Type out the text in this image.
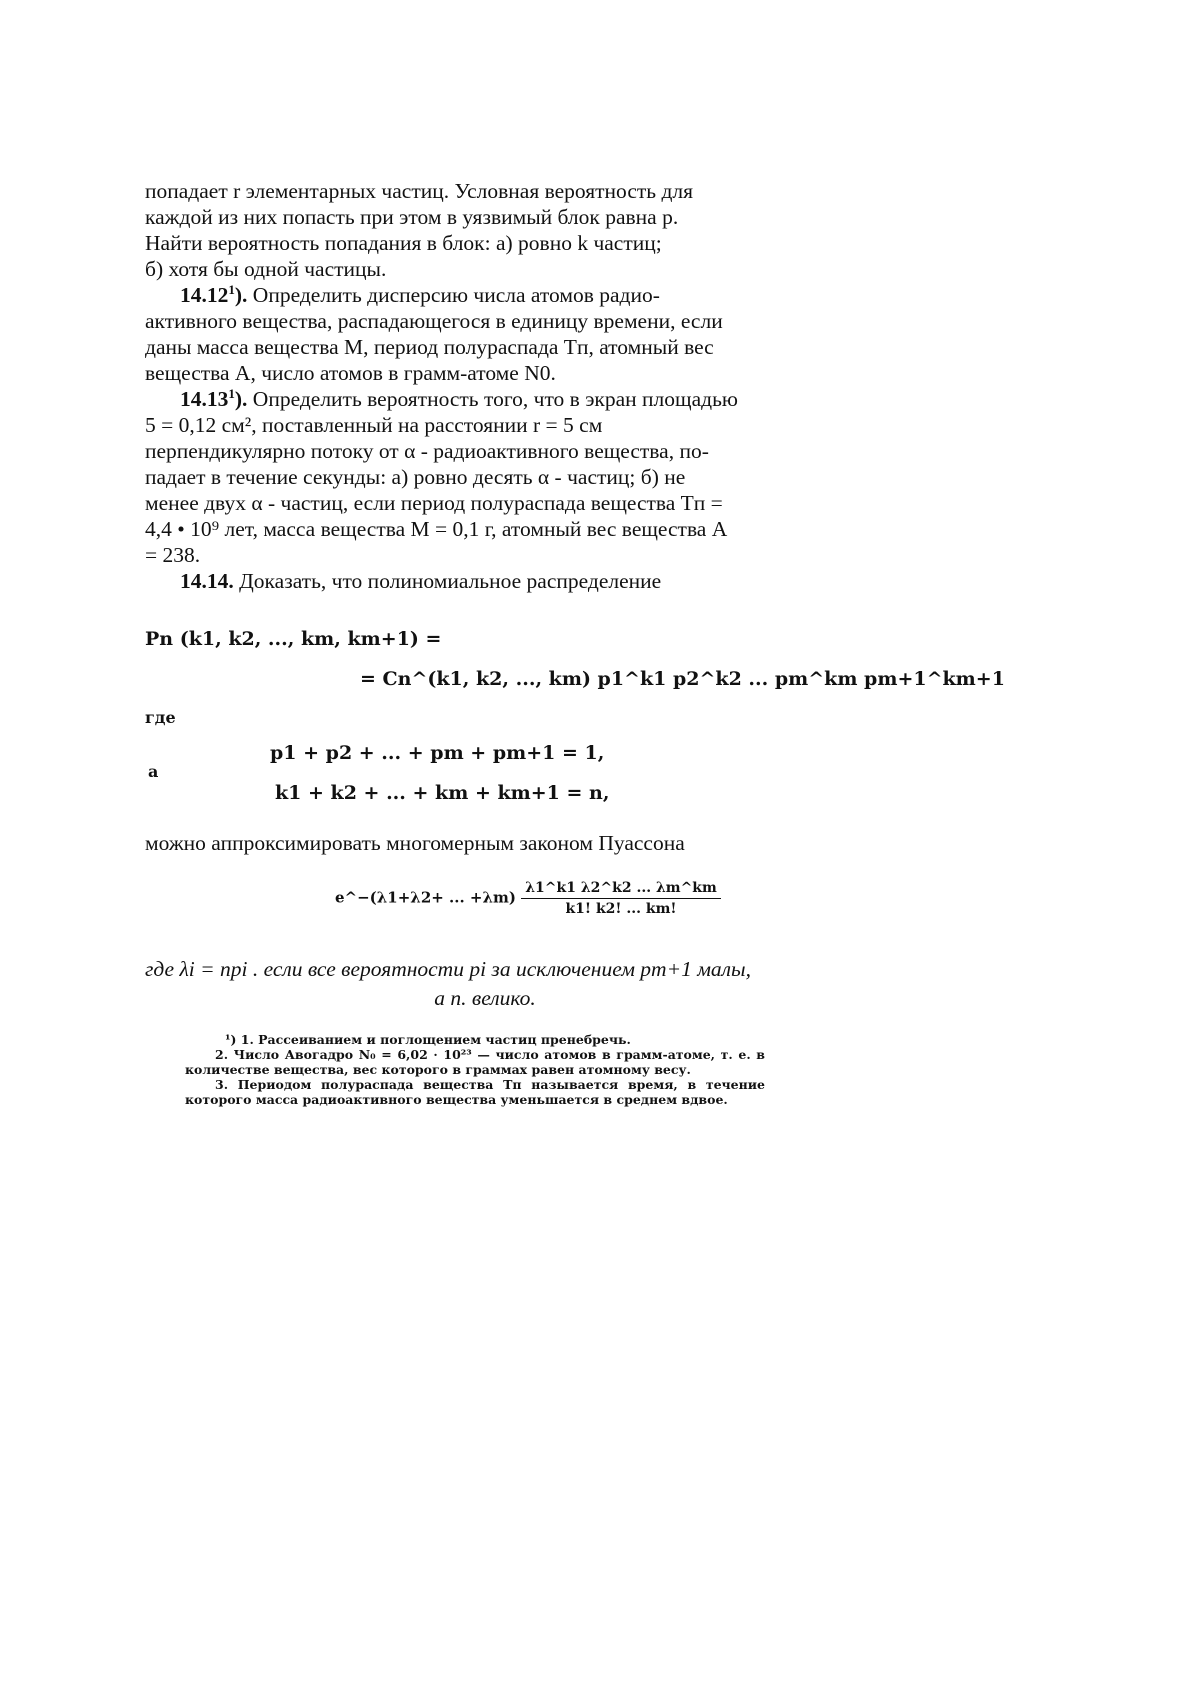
попадает r элементарных частиц. Условная вероятность для
каждой из них попасть при этом в уязвимый блок равна p.
Найти вероятность попадания в блок: а) ровно k частиц;
б) хотя бы одной частицы.
14.12$^1$). Определить дисперсию числа атомов радио-
активного вещества, распадающегося в единицу времени, если
даны масса вещества M, период полураспада Tп, атомный вес
вещества A, число атомов в грамм-атоме N0.
14.13$^1$). Определить вероятность того, что в экран площадью
5 = 0,12 см², поставленный на расстоянии r = 5 см
перпендикулярно потоку от α - радиоактивного вещества, по-
падает в течение секунды: а) ровно десять α - частиц; б) не
менее двух α - частиц, если период полураспада вещества Tп =
4,4 • 10⁹ лет, масса вещества M = 0,1 г, атомный вес вещества A
= 238.
14.14. Доказать, что полиномиальное распределение
Pn (k1, k2, ..., km, km+1) =
= Cn^(k1, k2, ..., km) p1^k1 p2^k2 ... pm^km pm+1^km+1
где
p1 + p2 + ... + pm + pm+1 = 1,
а
k1 + k2 + ... + km + km+1 = n,
можно аппроксимировать многомерным законом Пуассона
e^−(λ1+λ2+ ... $+\lambda m) \frac{\lambda 1\^{}k1 \lambda 2\^{}k2 ... \lambda m\^{}km}{k1! k2! ... km!}$
где λi = npi . если все вероятности pi за исключением pm+1 малы,
а n. велико.
¹) 1. Рассеиванием и поглощением частиц пренебречь.
2. Число Авогадро N₀ = 6,02 · 10²³ — число атомов в грамм-атоме, т. е. в количестве вещества, вес которого в граммах равен атомному весу.
3. Периодом полураспада вещества Tп называется время, в течение которого масса радиоактивного вещества уменьшается в среднем вдвое.
